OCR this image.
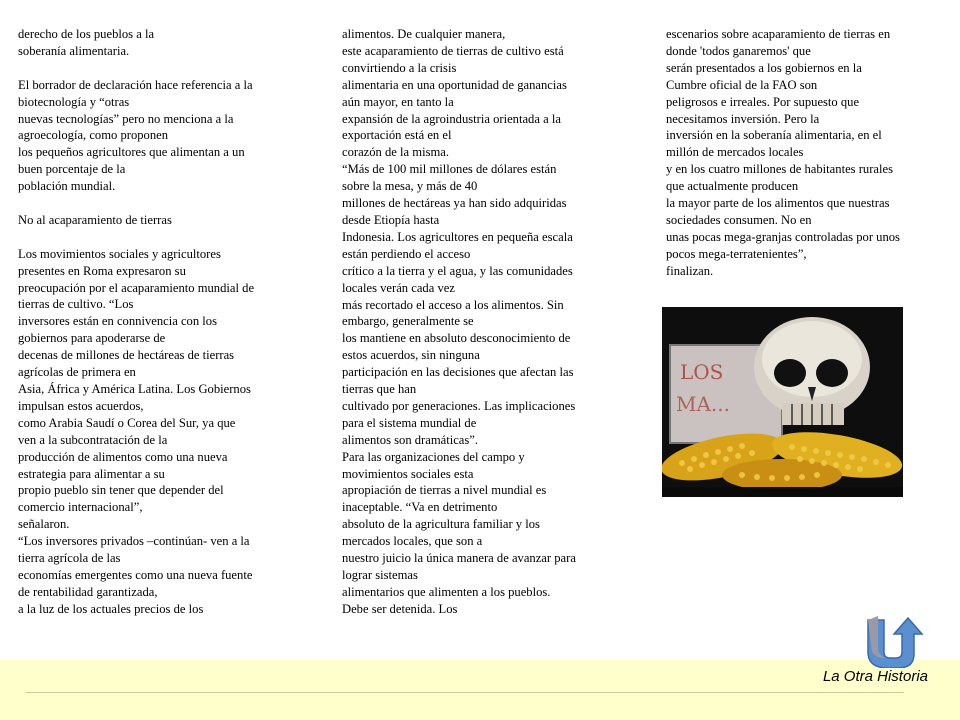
derecho de los pueblos a la
soberanía alimentaria.

El borrador de declaración hace referencia a la
biotecnología y “otras
nuevas tecnologías” pero no menciona a la
agroecología, como proponen
los pequeños agricultores que alimentan a un
buen porcentaje de la
población mundial.

No al acaparamiento de tierras

Los movimientos sociales y agricultores
presentes en Roma expresaron su
preocupación por el acaparamiento mundial de
tierras de cultivo. “Los
inversores están en connivencia con los
gobiernos para apoderarse de
decenas de millones de hectáreas de tierras
agrícolas de primera en
Asia, África y América Latina. Los Gobiernos
impulsan estos acuerdos,
como Arabia Saudí o Corea del Sur, ya que
ven a la subcontratación de la
producción de alimentos como una nueva
estrategia para alimentar a su
propio pueblo sin tener que depender del
comercio internacional”,
señalaron.
“Los inversores privados –continúan- ven a la
tierra agrícola de las
economías emergentes como una nueva fuente
de rentabilidad garantizada,
a la luz de los actuales precios de los

alimentos. De cualquier manera,
este acaparamiento de tierras de cultivo está
convirtiendo a la crisis
alimentaria en una oportunidad de ganancias
aún mayor, en tanto la
expansión de la agroindustria orientada a la
exportación está en el
corazón de la misma.
“Más de 100 mil millones de dólares están
sobre la mesa, y más de 40
millones de hectáreas ya han sido adquiridas
desde Etiopía hasta
Indonesia. Los agricultores en pequeña escala
están perdiendo el acceso
crítico a la tierra y el agua, y las comunidades
locales verán cada vez
más recortado el acceso a los alimentos. Sin
embargo, generalmente se
los mantiene en absoluto desconocimiento de
estos acuerdos, sin ninguna
participación en las decisiones que afectan las
tierras que han
cultivado por generaciones. Las implicaciones
para el sistema mundial de
alimentos son dramáticas”.
Para las organizaciones del campo y
movimientos sociales esta
apropiación de tierras a nivel mundial es
inaceptable. “Va en detrimento
absoluto de la agricultura familiar y los
mercados locales, que son a
nuestro juicio la única manera de avanzar para
lograr sistemas
alimentarios que alimenten a los pueblos.
Debe ser detenida. Los

escenarios sobre acaparamiento de tierras en
donde 'todos ganaremos' que
serán presentados a los gobiernos en la
Cumbre oficial de la FAO son
peligrosos e irreales. Por supuesto que
necesitamos inversión. Pero la
inversión en la soberanía alimentaria, en el
millón de mercados locales
y en los cuatro millones de habitantes rurales
que actualmente producen
la mayor parte de los alimentos que nuestras
sociedades consumen. No en
unas pocas mega-granjas controladas por unos
pocos mega-terratenientes”,
finalizan.

LOS
MA...
La Otra Historia
